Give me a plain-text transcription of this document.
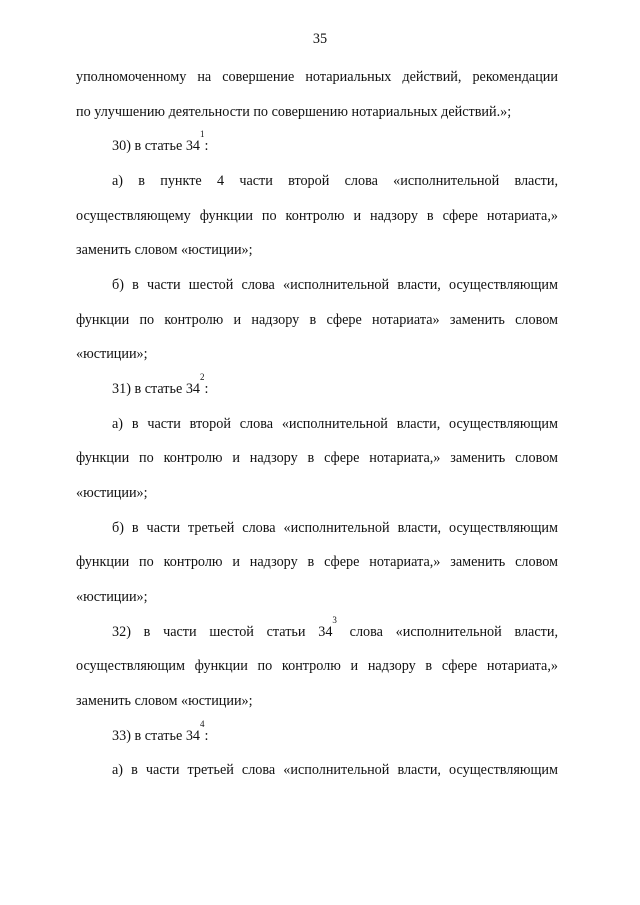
35
уполномоченному на совершение нотариальных действий, рекомендации
по улучшению деятельности по совершению нотариальных действий.»;
30) в статье $34^1$:
а) в пункте 4 части второй слова «исполнительной власти,
осуществляющему функции по контролю и надзору в сфере нотариата,»
заменить словом «юстиции»;
б) в части шестой слова «исполнительной власти, осуществляющим
функции по контролю и надзору в сфере нотариата» заменить словом
«юстиции»;
31) в статье $34^2$:
а) в части второй слова «исполнительной власти, осуществляющим
функции по контролю и надзору в сфере нотариата,» заменить словом
«юстиции»;
б) в части третьей слова «исполнительной власти, осуществляющим
функции по контролю и надзору в сфере нотариата,» заменить словом
«юстиции»;
32) в части шестой статьи $34^3$ слова «исполнительной власти,
осуществляющим функции по контролю и надзору в сфере нотариата,»
заменить словом «юстиции»;
33) в статье $34^4$:
а) в части третьей слова «исполнительной власти, осуществляющим
